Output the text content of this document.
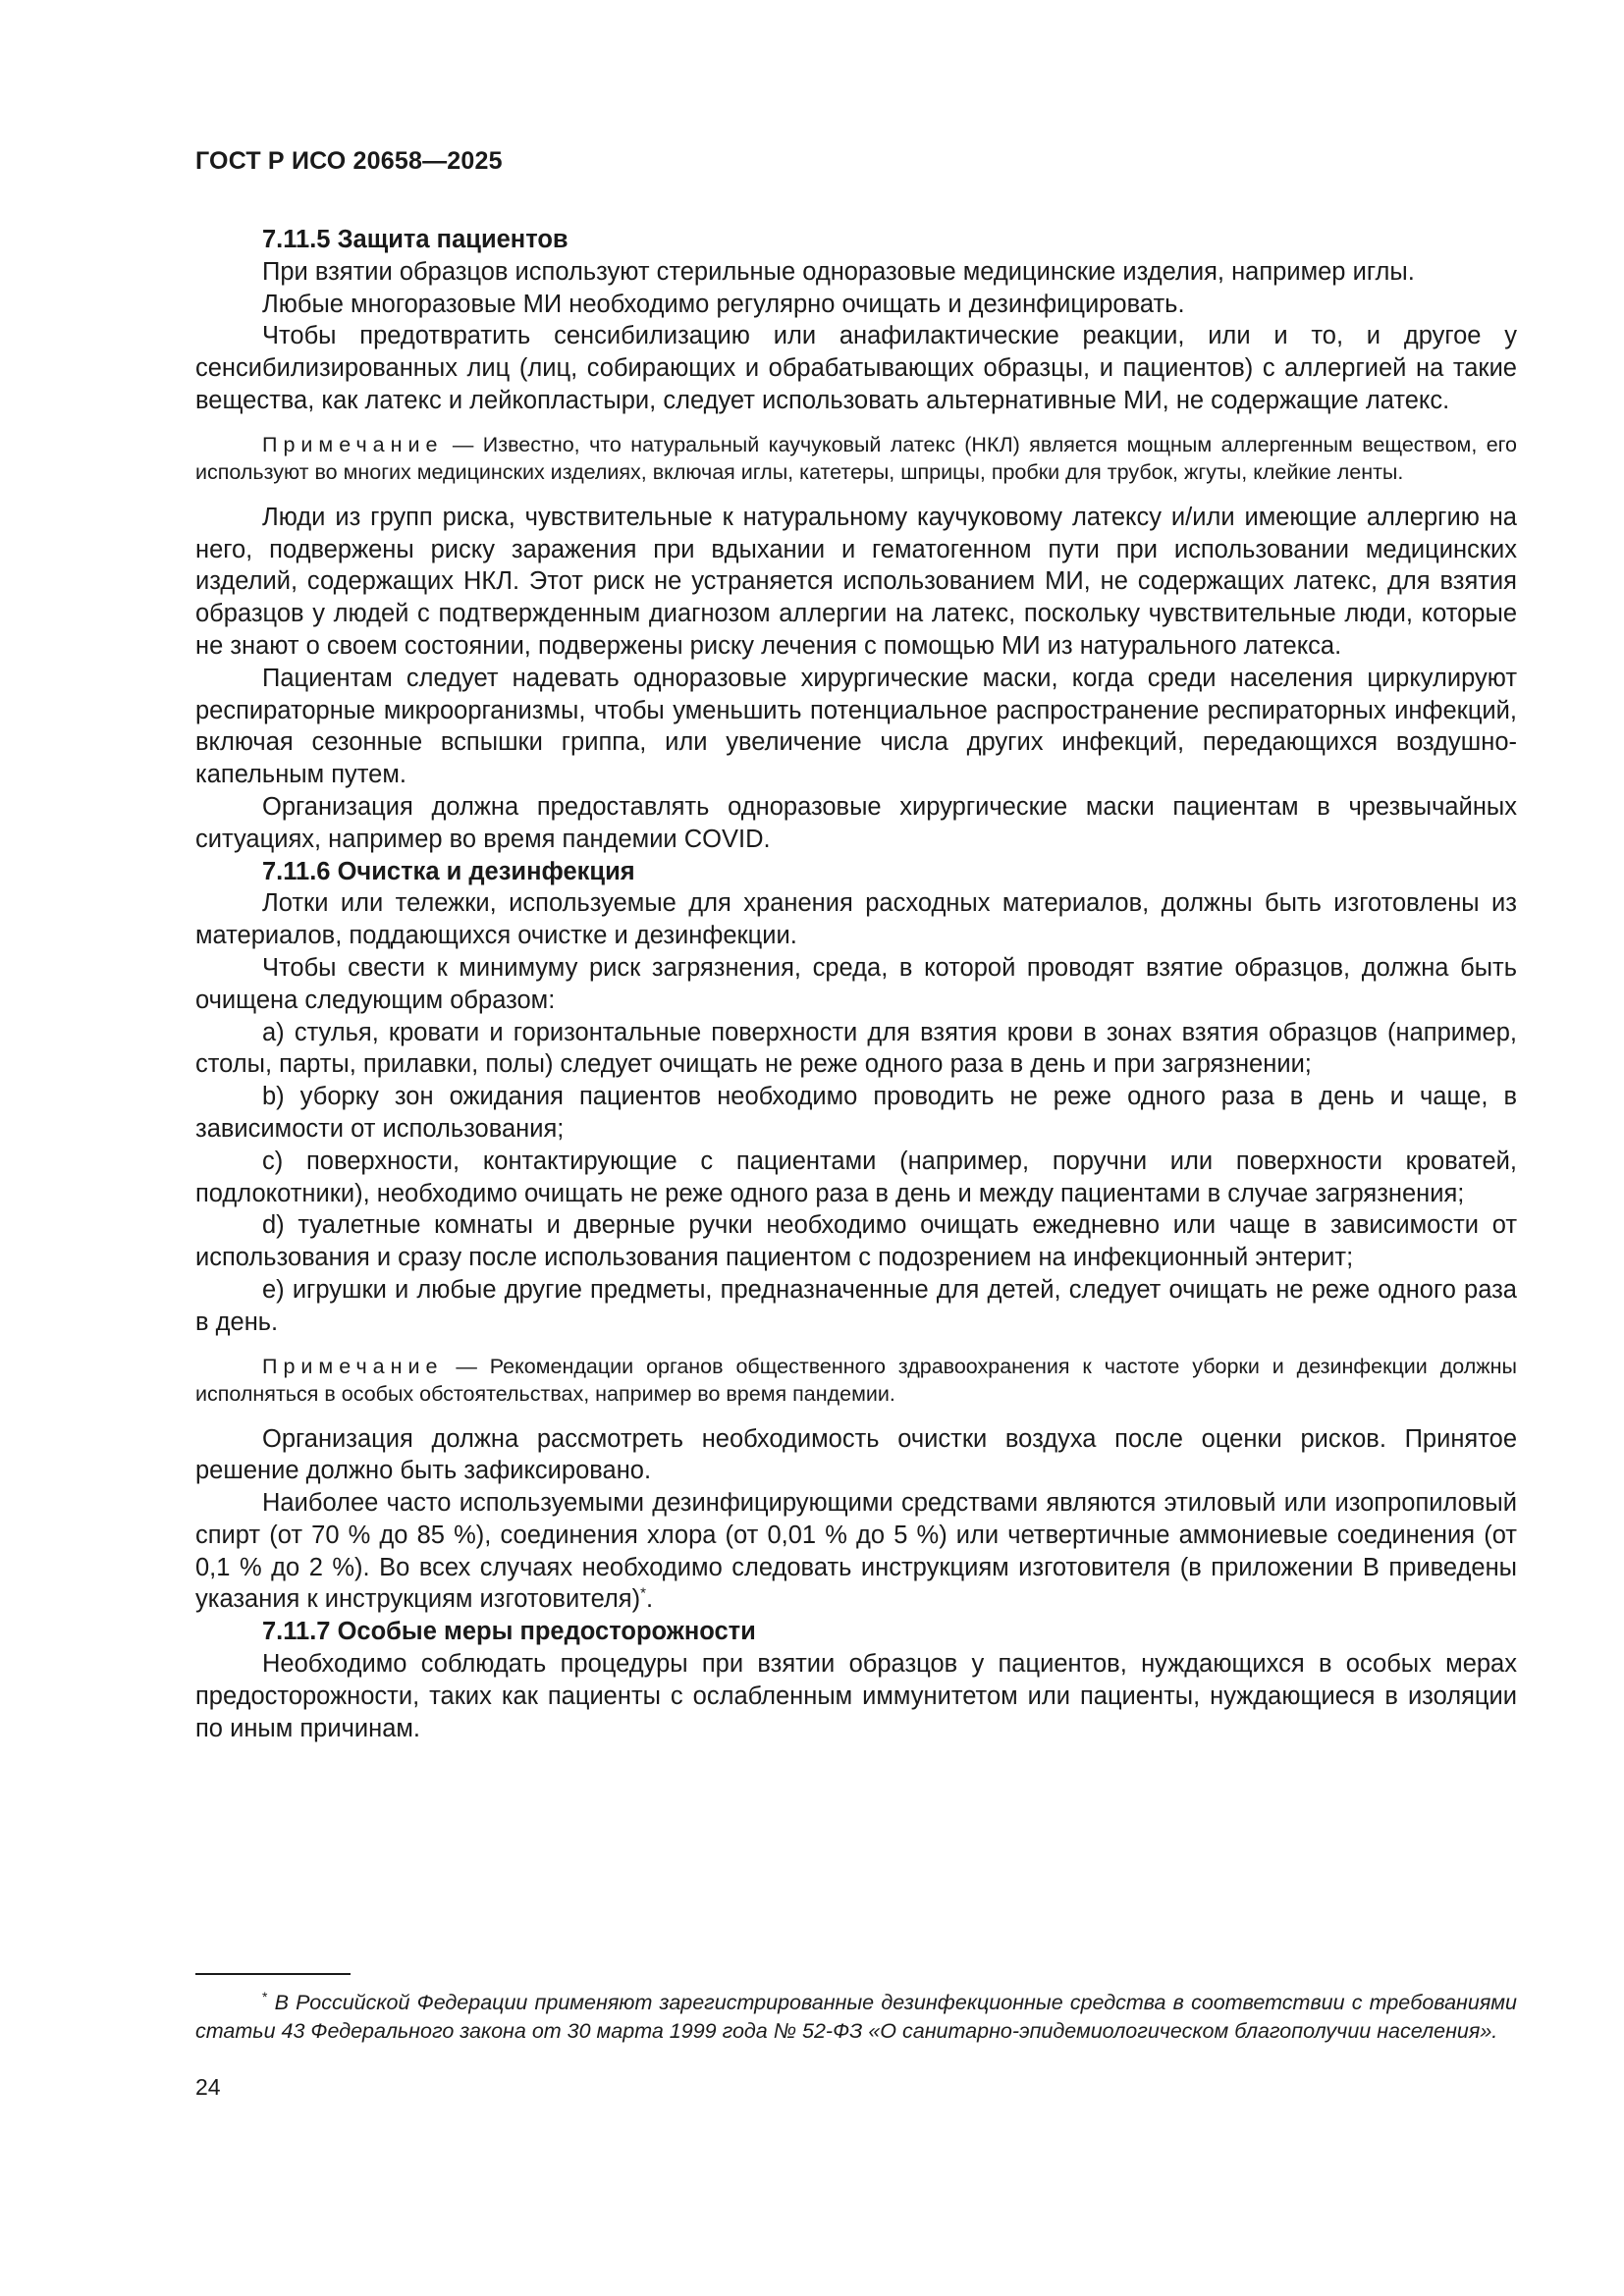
ГОСТ Р ИСО 20658—2025
7.11.5 Защита пациентов

При взятии образцов используют стерильные одноразовые медицинские изделия, например иглы.

Любые многоразовые МИ необходимо регулярно очищать и дезинфицировать.

Чтобы предотвратить сенсибилизацию или анафилактические реакции, или и то, и другое у сенсибилизированных лиц (лиц, собирающих и обрабатывающих образцы, и пациентов) с аллергией на такие вещества, как латекс и лейкопластыри, следует использовать альтернативные МИ, не содержащие латекс.

Примечание — Известно, что натуральный каучуковый латекс (НКЛ) является мощным аллергенным веществом, его используют во многих медицинских изделиях, включая иглы, катетеры, шприцы, пробки для трубок, жгуты, клейкие ленты.

Люди из групп риска, чувствительные к натуральному каучуковому латексу и/или имеющие аллергию на него, подвержены риску заражения при вдыхании и гематогенном пути при использовании медицинских изделий, содержащих НКЛ. Этот риск не устраняется использованием МИ, не содержащих латекс, для взятия образцов у людей с подтвержденным диагнозом аллергии на латекс, поскольку чувствительные люди, которые не знают о своем состоянии, подвержены риску лечения с помощью МИ из натурального латекса.

Пациентам следует надевать одноразовые хирургические маски, когда среди населения циркулируют респираторные микроорганизмы, чтобы уменьшить потенциальное распространение респираторных инфекций, включая сезонные вспышки гриппа, или увеличение числа других инфекций, передающихся воздушно-капельным путем.

Организация должна предоставлять одноразовые хирургические маски пациентам в чрезвычайных ситуациях, например во время пандемии COVID.

7.11.6 Очистка и дезинфекция

Лотки или тележки, используемые для хранения расходных материалов, должны быть изготовлены из материалов, поддающихся очистке и дезинфекции.

Чтобы свести к минимуму риск загрязнения, среда, в которой проводят взятие образцов, должна быть очищена следующим образом:

a) стулья, кровати и горизонтальные поверхности для взятия крови в зонах взятия образцов (например, столы, парты, прилавки, полы) следует очищать не реже одного раза в день и при загрязнении;

b) уборку зон ожидания пациентов необходимо проводить не реже одного раза в день и чаще, в зависимости от использования;

c) поверхности, контактирующие с пациентами (например, поручни или поверхности кроватей, подлокотники), необходимо очищать не реже одного раза в день и между пациентами в случае загрязнения;

d) туалетные комнаты и дверные ручки необходимо очищать ежедневно или чаще в зависимости от использования и сразу после использования пациентом с подозрением на инфекционный энтерит;

e) игрушки и любые другие предметы, предназначенные для детей, следует очищать не реже одного раза в день.

Примечание — Рекомендации органов общественного здравоохранения к частоте уборки и дезинфекции должны исполняться в особых обстоятельствах, например во время пандемии.

Организация должна рассмотреть необходимость очистки воздуха после оценки рисков. Принятое решение должно быть зафиксировано.

Наиболее часто используемыми дезинфицирующими средствами являются этиловый или изопропиловый спирт (от 70 % до 85 %), соединения хлора (от 0,01 % до 5 %) или четвертичные аммониевые соединения (от 0,1 % до 2 %). Во всех случаях необходимо следовать инструкциям изготовителя (в приложении В приведены указания к инструкциям изготовителя)*.

7.11.7 Особые меры предосторожности

Необходимо соблюдать процедуры при взятии образцов у пациентов, нуждающихся в особых мерах предосторожности, таких как пациенты с ослабленным иммунитетом или пациенты, нуждающиеся в изоляции по иным причинам.

* В Российской Федерации применяют зарегистрированные дезинфекционные средства в соответствии с требованиями статьи 43 Федерального закона от 30 марта 1999 года № 52-ФЗ «О санитарно-эпидемиологическом благополучии населения».
24
